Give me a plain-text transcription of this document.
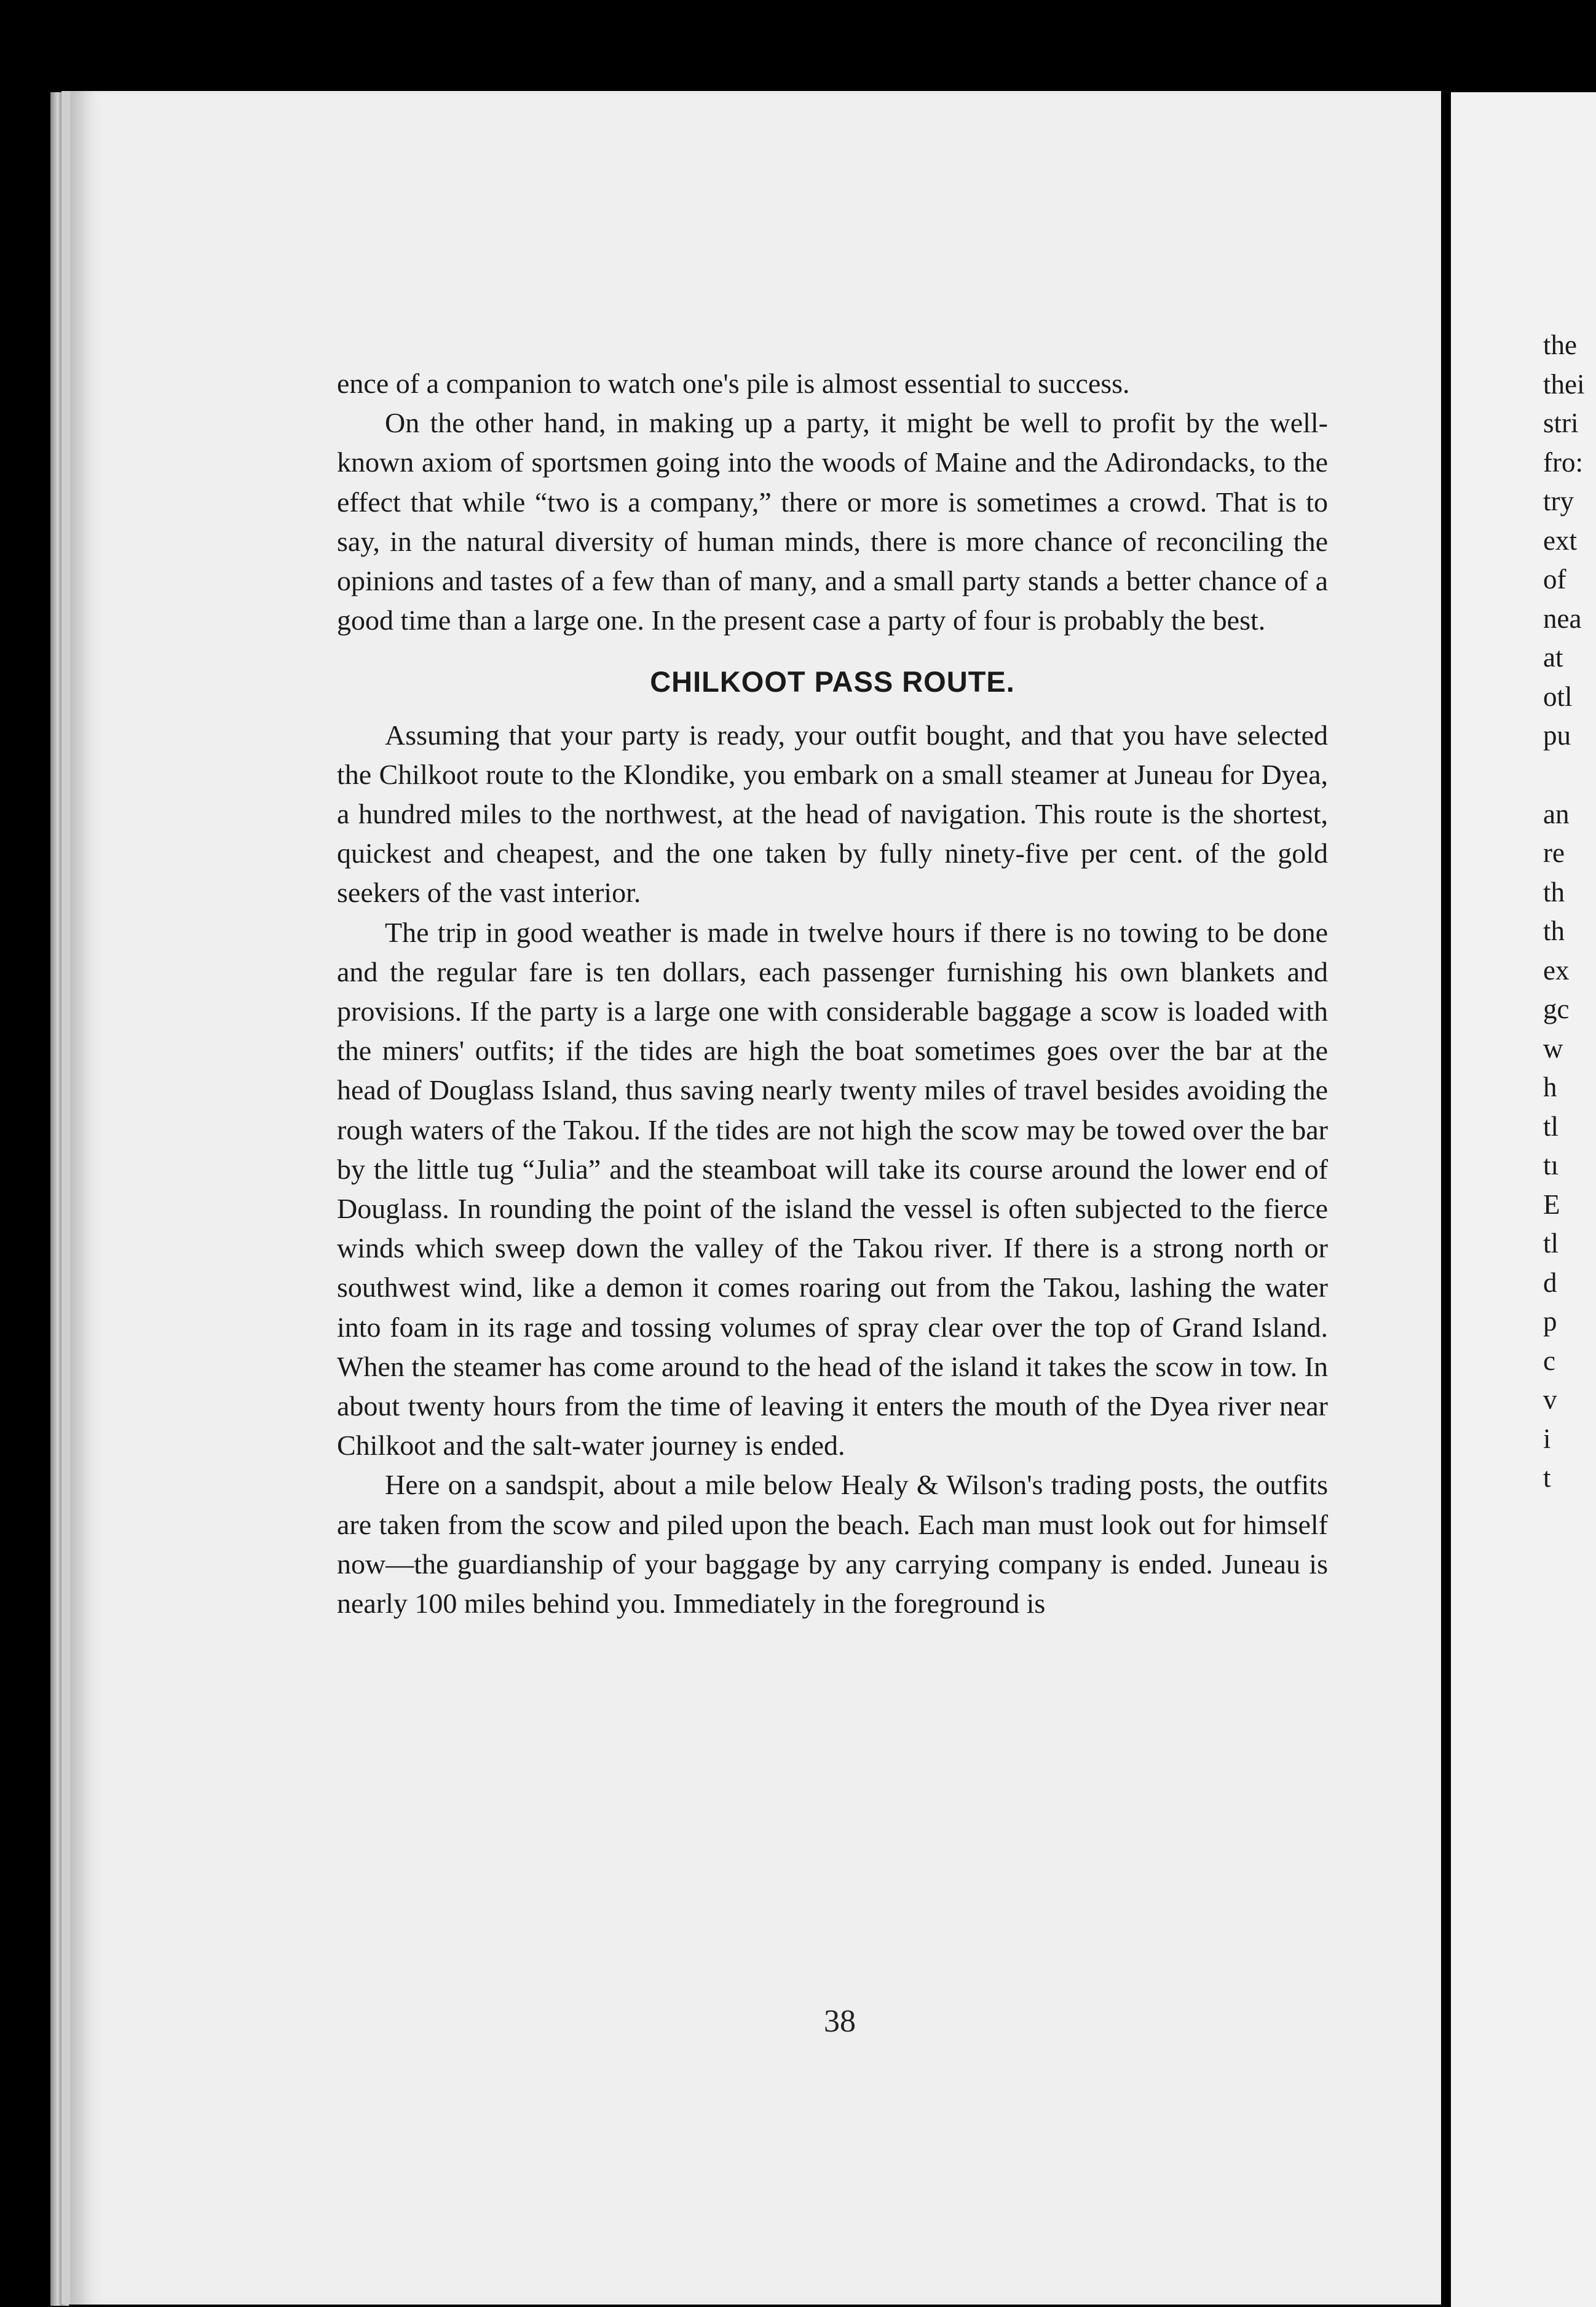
ence of a companion to watch one's pile is almost essential to success.

On the other hand, in making up a party, it might be well to profit by the well-known axiom of sportsmen going into the woods of Maine and the Adirondacks, to the effect that while “two is a company,” there or more is sometimes a crowd. That is to say, in the natural diversity of human minds, there is more chance of reconciling the opinions and tastes of a few than of many, and a small party stands a better chance of a good time than a large one. In the present case a party of four is probably the best.

CHILKOOT PASS ROUTE.

Assuming that your party is ready, your outfit bought, and that you have selected the Chilkoot route to the Klondike, you embark on a small steamer at Juneau for Dyea, a hundred miles to the northwest, at the head of navigation. This route is the shortest, quickest and cheapest, and the one taken by fully ninety-five per cent. of the gold seekers of the vast interior.

The trip in good weather is made in twelve hours if there is no towing to be done and the regular fare is ten dollars, each passenger furnishing his own blankets and provisions. If the party is a large one with considerable baggage a scow is loaded with the miners' outfits; if the tides are high the boat sometimes goes over the bar at the head of Douglass Island, thus saving nearly twenty miles of travel besides avoiding the rough waters of the Takou. If the tides are not high the scow may be towed over the bar by the little tug “Julia” and the steamboat will take its course around the lower end of Douglass. In rounding the point of the island the vessel is often subjected to the fierce winds which sweep down the valley of the Takou river. If there is a strong north or southwest wind, like a demon it comes roaring out from the Takou, lashing the water into foam in its rage and tossing volumes of spray clear over the top of Grand Island. When the steamer has come around to the head of the island it takes the scow in tow. In about twenty hours from the time of leaving it enters the mouth of the Dyea river near Chilkoot and the salt-water journey is ended.

Here on a sandspit, about a mile below Healy & Wilson's trading posts, the outfits are taken from the scow and piled upon the beach. Each man must look out for himself now—the guardianship of your baggage by any carrying company is ended. Juneau is nearly 100 miles behind you. Immediately in the foreground is

38
the
thei
stri
fro:
try
ext
of
nea
at
otl
pu
an
re
th
th
ex
gc
w
h
tl
tı
E
tl
d
p
c
v
i
t
